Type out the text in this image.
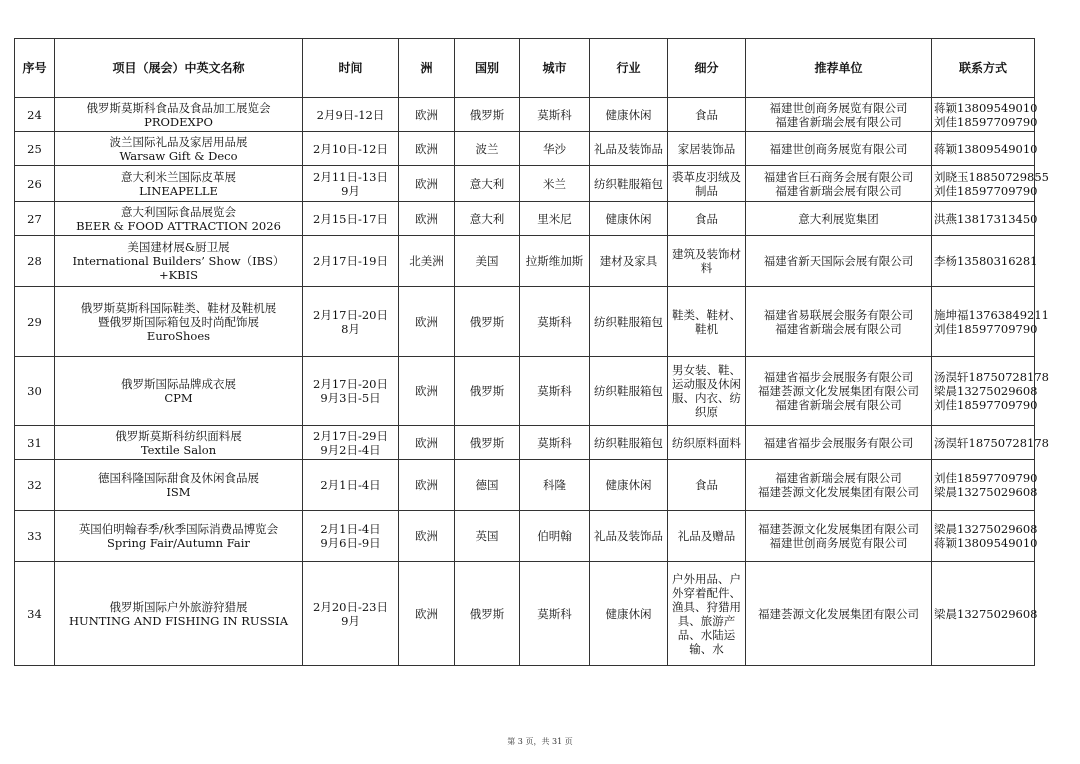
序号	项目（展会）中英文名称	时间	洲	国别	城市	行业	细分	推荐单位	联系方式

24	俄罗斯莫斯科食品及食品加工展览会
PRODEXPO	2月9日-12日	欧洲	俄罗斯	莫斯科	健康休闲	食品	福建世创商务展览有限公司
福建省新瑞会展有限公司	蒋颖13809549010
刘佳18597709790

25	波兰国际礼品及家居用品展
Warsaw Gift & Deco	2月10日-12日	欧洲	波兰	华沙	礼品及装饰品	家居装饰品	福建世创商务展览有限公司	蒋颖13809549010

26	意大利米兰国际皮革展
LINEAPELLE	2月11日-13日
9月	欧洲	意大利	米兰	纺织鞋服箱包	裘革皮羽绒及制品	福建省巨石商务会展有限公司
福建省新瑞会展有限公司	刘晓玉18850729855
刘佳18597709790

27	意大利国际食品展览会
BEER & FOOD ATTRACTION 2026	2月15日-17日	欧洲	意大利	里米尼	健康休闲	食品	意大利展览集团	洪燕13817313450

28	美国建材展&厨卫展
International Builders’ Show（IBS）
+KBIS	2月17日-19日	北美洲	美国	拉斯维加斯	建材及家具	建筑及装饰材料	福建省新天国际会展有限公司	李杨13580316281

29	俄罗斯莫斯科国际鞋类、鞋材及鞋机展
暨俄罗斯国际箱包及时尚配饰展
EuroShoes	2月17日-20日
8月	欧洲	俄罗斯	莫斯科	纺织鞋服箱包	鞋类、鞋材、鞋机	福建省易联展会服务有限公司
福建省新瑞会展有限公司	施坤福13763849211
刘佳18597709790

30	俄罗斯国际品牌成衣展
CPM	2月17日-20日
9月3日-5日	欧洲	俄罗斯	莫斯科	纺织鞋服箱包	男女装、鞋、运动服及休闲服、内衣、纺织原	福建省福步会展服务有限公司
福建荟源文化发展集团有限公司
福建省新瑞会展有限公司	汤淏轩18750728178
梁晨13275029608
刘佳18597709790

31	俄罗斯莫斯科纺织面料展
Textile Salon	2月17日-29日
9月2日-4日	欧洲	俄罗斯	莫斯科	纺织鞋服箱包	纺织原料面料	福建省福步会展服务有限公司	汤淏轩18750728178

32	德国科隆国际甜食及休闲食品展
ISM	2月1日-4日	欧洲	德国	科隆	健康休闲	食品	福建省新瑞会展有限公司
福建荟源文化发展集团有限公司	刘佳18597709790
梁晨13275029608

33	英国伯明翰春季/秋季国际消费品博览会
Spring Fair/Autumn Fair	2月1日-4日
9月6日-9日	欧洲	英国	伯明翰	礼品及装饰品	礼品及赠品	福建荟源文化发展集团有限公司
福建世创商务展览有限公司	梁晨13275029608
蒋颖13809549010

34	俄罗斯国际户外旅游狩猎展
HUNTING AND FISHING IN RUSSIA	2月20日-23日
9月	欧洲	俄罗斯	莫斯科	健康休闲	户外用品、户外穿着配件、渔具、狩猎用具、旅游产品、水陆运输、水	福建荟源文化发展集团有限公司	梁晨13275029608
第 3 页，共 31 页
